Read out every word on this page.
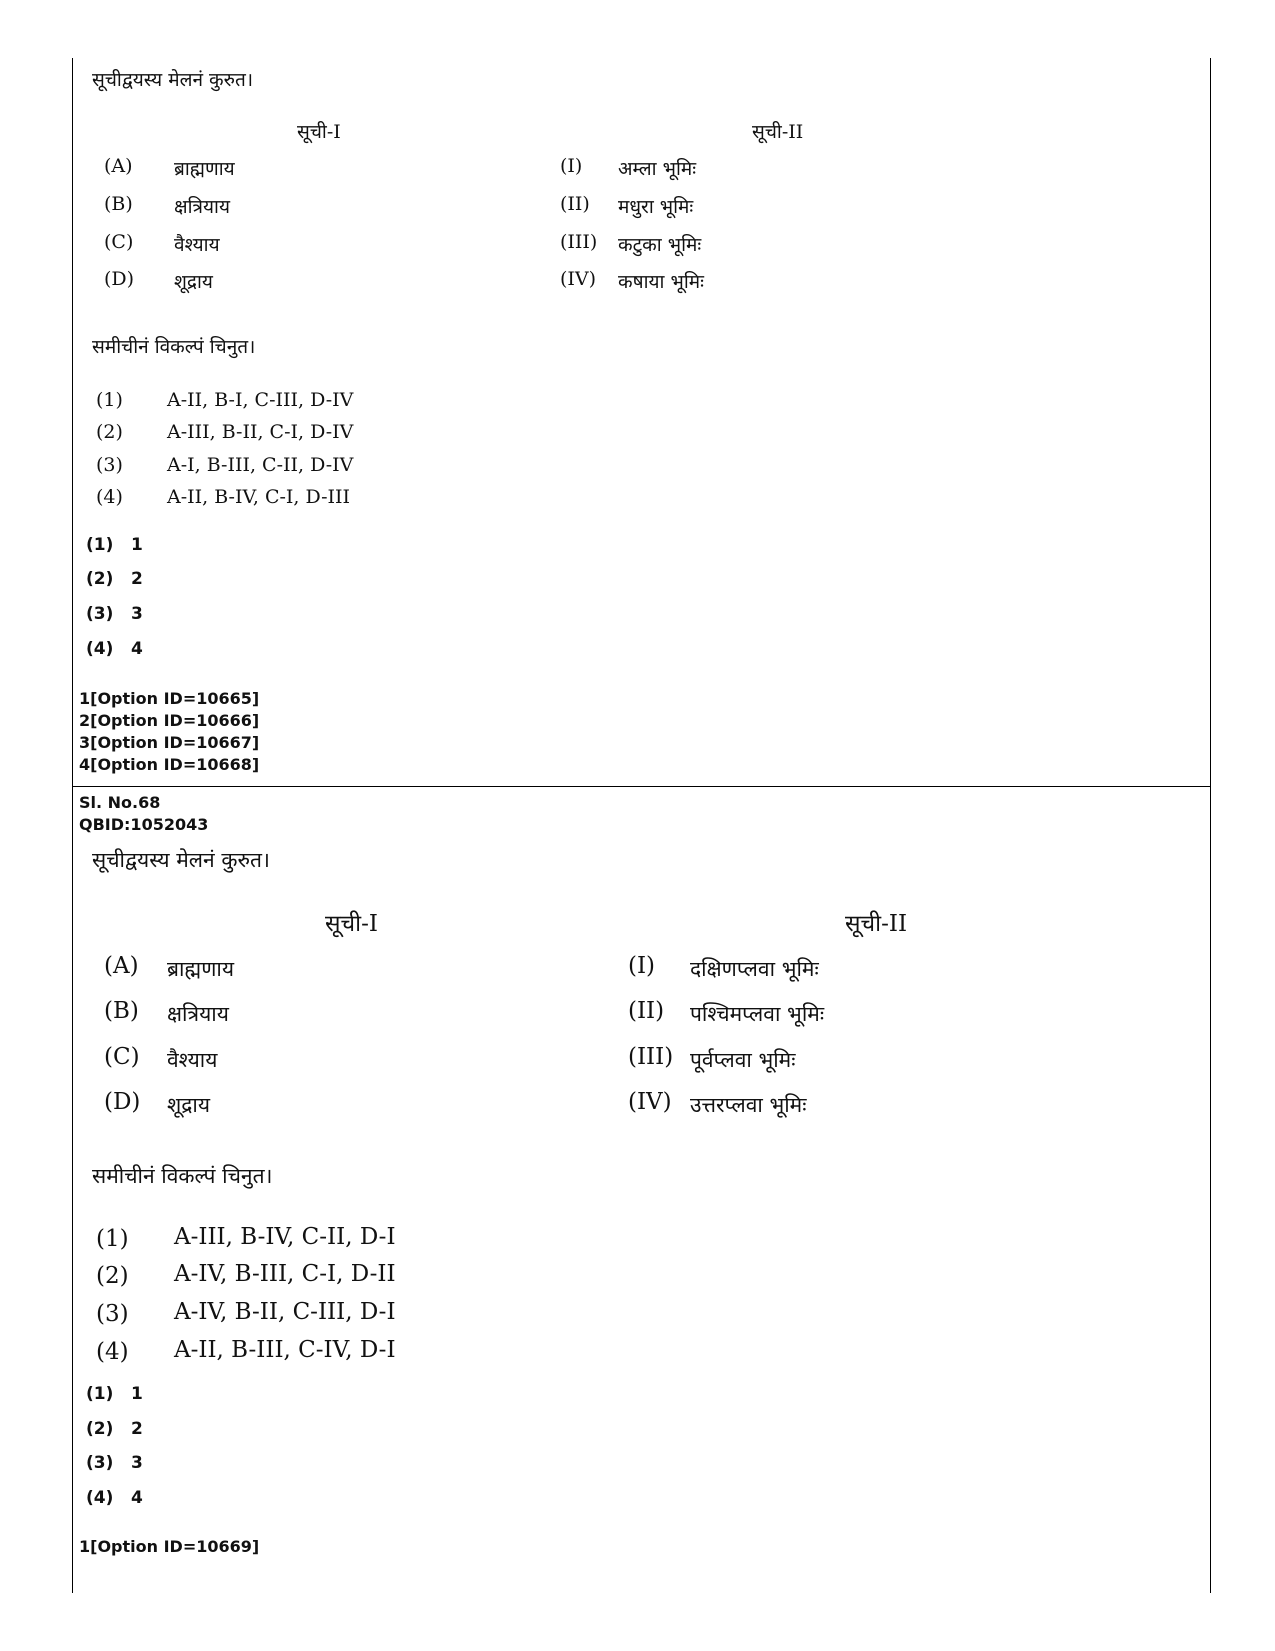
सूचीद्वयस्य मेलनं कुरुत।
सूची-I	सूची-II
(A) ब्राह्मणाय
(B) क्षत्रियाय
(C) वैश्याय
(D) शूद्राय
(I) अम्ला भूमिः
(II) मधुरा भूमिः
(III) कटुका भूमिः
(IV) कषाया भूमिः
समीचीनं विकल्पं चिनुत।
(1) A-II, B-I, C-III, D-IV
(2) A-III, B-II, C-I, D-IV
(3) A-I, B-III, C-II, D-IV
(4) A-II, B-IV, C-I, D-III
(1) 1
(2) 2
(3) 3
(4) 4
1[Option ID=10665]
2[Option ID=10666]
3[Option ID=10667]
4[Option ID=10668]
Sl. No.68
QBID:1052043
सूचीद्वयस्य मेलनं कुरुत।
सूची-I	सूची-II
(A) ब्राह्मणाय
(B) क्षत्रियाय
(C) वैश्याय
(D) शूद्राय
(I) दक्षिणप्लवा भूमिः
(II) पश्चिमप्लवा भूमिः
(III) पूर्वप्लवा भूमिः
(IV) उत्तरप्लवा भूमिः
समीचीनं विकल्पं चिनुत।
(1) A-III, B-IV, C-II, D-I
(2) A-IV, B-III, C-I, D-II
(3) A-IV, B-II, C-III, D-I
(4) A-II, B-III, C-IV, D-I
(1) 1
(2) 2
(3) 3
(4) 4
1[Option ID=10669]
